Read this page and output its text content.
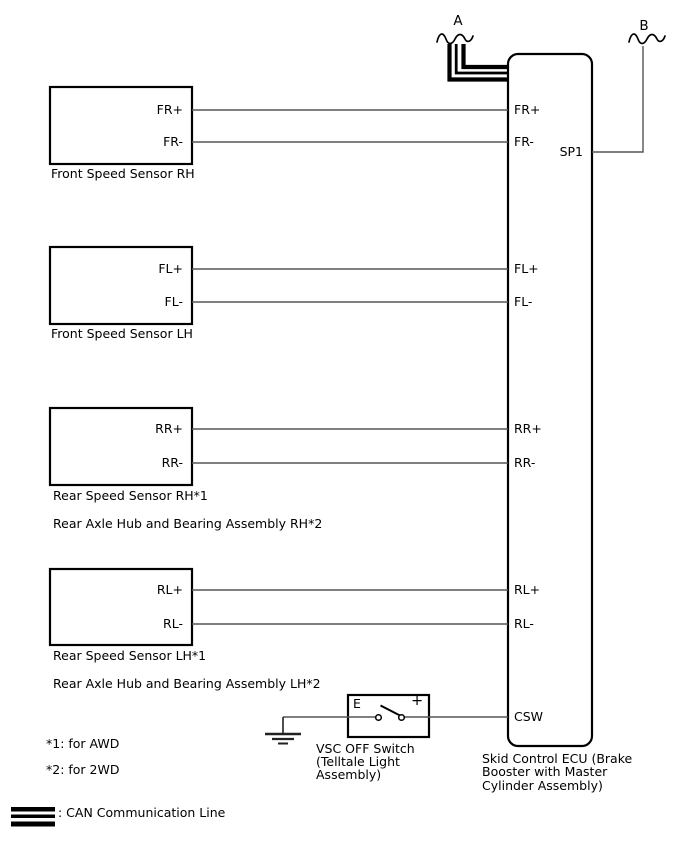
A	B
FR+
FR-
FL+
FL-
RR+
RR-
RL+
RL-
Front Speed Sensor RH
Front Speed Sensor LH
Rear Speed Sensor RH*1
Rear Axle Hub and Bearing Assembly RH*2
Rear Speed Sensor LH*1
Rear Axle Hub and Bearing Assembly LH*2
FR+
FR-
SP1
FL+
FL-
RR+
RR-
RL+
RL-
CSW
Skid Control ECU (Brake
Booster with Master
Cylinder Assembly)
E	+
VSC OFF Switch
(Telltale Light
Assembly)
*1: for AWD
*2: for 2WD
: CAN Communication Line
